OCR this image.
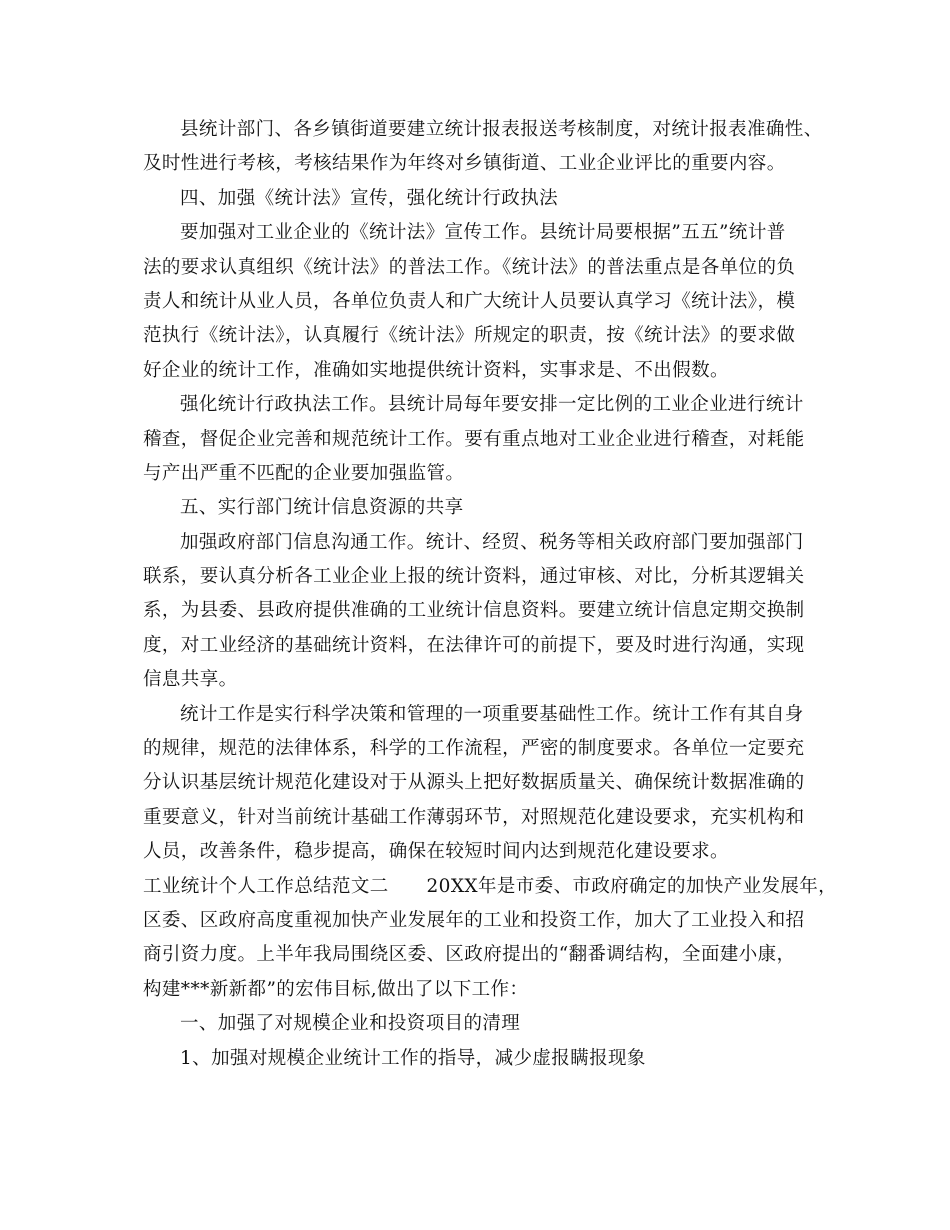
县统计部门、各乡镇街道要建立统计报表报送考核制度，对统计报表准确性、
及时性进行考核，考核结果作为年终对乡镇街道、工业企业评比的重要内容。
四、加强《统计法》宣传，强化统计行政执法
要加强对工业企业的《统计法》宣传工作。县统计局要根据”五五”统计普
法的要求认真组织《统计法》的普法工作。《统计法》的普法重点是各单位的负
责人和统计从业人员，各单位负责人和广大统计人员要认真学习《统计法》，模
范执行《统计法》，认真履行《统计法》所规定的职责，按《统计法》的要求做
好企业的统计工作，准确如实地提供统计资料，实事求是、不出假数。
强化统计行政执法工作。县统计局每年要安排一定比例的工业企业进行统计
稽查，督促企业完善和规范统计工作。要有重点地对工业企业进行稽查，对耗能
与产出严重不匹配的企业要加强监管。
五、实行部门统计信息资源的共享
加强政府部门信息沟通工作。统计、经贸、税务等相关政府部门要加强部门
联系，要认真分析各工业企业上报的统计资料，通过审核、对比，分析其逻辑关
系，为县委、县政府提供准确的工业统计信息资料。要建立统计信息定期交换制
度，对工业经济的基础统计资料，在法律许可的前提下，要及时进行沟通，实现
信息共享。
统计工作是实行科学决策和管理的一项重要基础性工作。统计工作有其自身
的规律，规范的法律体系，科学的工作流程，严密的制度要求。各单位一定要充
分认识基层统计规范化建设对于从源头上把好数据质量关、确保统计数据准确的
重要意义，针对当前统计基础工作薄弱环节，对照规范化建设要求，充实机构和
人员，改善条件，稳步提高，确保在较短时间内达到规范化建设要求。
工业统计个人工作总结范文二　　20XX年是市委、市政府确定的加快产业发展年，
区委、区政府高度重视加快产业发展年的工业和投资工作，加大了工业投入和招
商引资力度。上半年我局围绕区委、区政府提出的“翻番调结构，全面建小康，
构建***新新都”的宏伟目标,做出了以下工作：
一、加强了对规模企业和投资项目的清理
1、加强对规模企业统计工作的指导，减少虚报瞒报现象
